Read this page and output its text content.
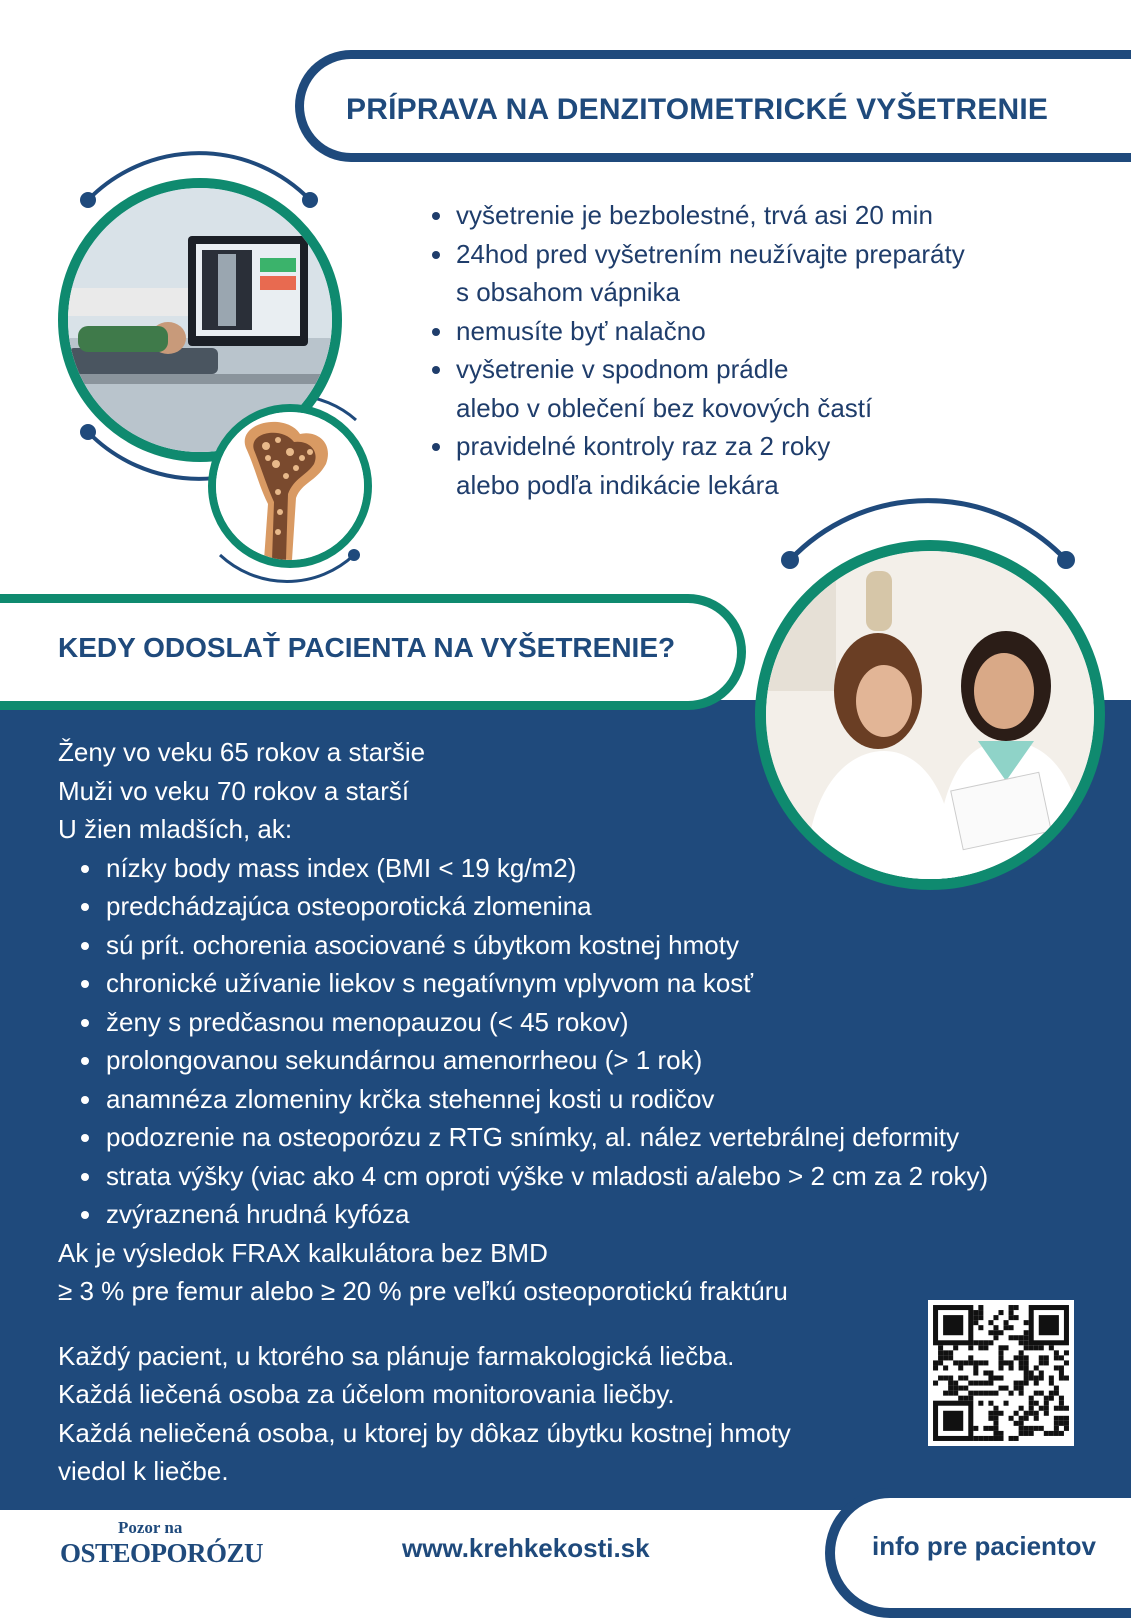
PRÍPRAVA NA DENZITOMETRICKÉ VYŠETRENIE
vyšetrenie je bezbolestné, trvá asi 20 min
24hod pred vyšetrením neužívajte preparáty
s obsahom vápnika
nemusíte byť nalačno
vyšetrenie v spodnom prádle
alebo v oblečení bez kovových častí
pravidelné kontroly raz za 2 roky
alebo podľa indikácie lekára
KEDY ODOSLAŤ PACIENTA NA VYŠETRENIE?

Ženy vo veku 65 rokov a staršie

Muži vo veku 70 rokov a starší

U žien mladších, ak:

nízky body mass index (BMI < 19 kg/m2)
predchádzajúca osteoporotická zlomenina
sú prít. ochorenia asociované s úbytkom kostnej hmoty
chronické užívanie liekov s negatívnym vplyvom na kosť
ženy s predčasnou menopauzou (< 45 rokov)
prolongovanou sekundárnou amenorrheou (> 1 rok)
anamnéza zlomeniny krčka stehennej kosti u rodičov
podozrenie na osteoporózu z RTG snímky, al. nález vertebrálnej deformity
strata výšky (viac ako 4 cm oproti výške v mladosti a/alebo > 2 cm za 2 roky)
zvýraznená hrudná kyfóza

Ak je výsledok FRAX kalkulátora bez BMD

≥ 3 % pre femur alebo ≥ 20 % pre veľkú osteoporotickú fraktúru

Každý pacient, u ktorého sa plánuje farmakologická liečba.

Každá liečená osoba za účelom monitorovania liečby.

Každá neliečená osoba, u ktorej by dôkaz úbytku kostnej hmoty

viedol k liečbe.

Pozor na
OSTEOPORÓZU	www.krehkekosti.sk	info pre pacientov
